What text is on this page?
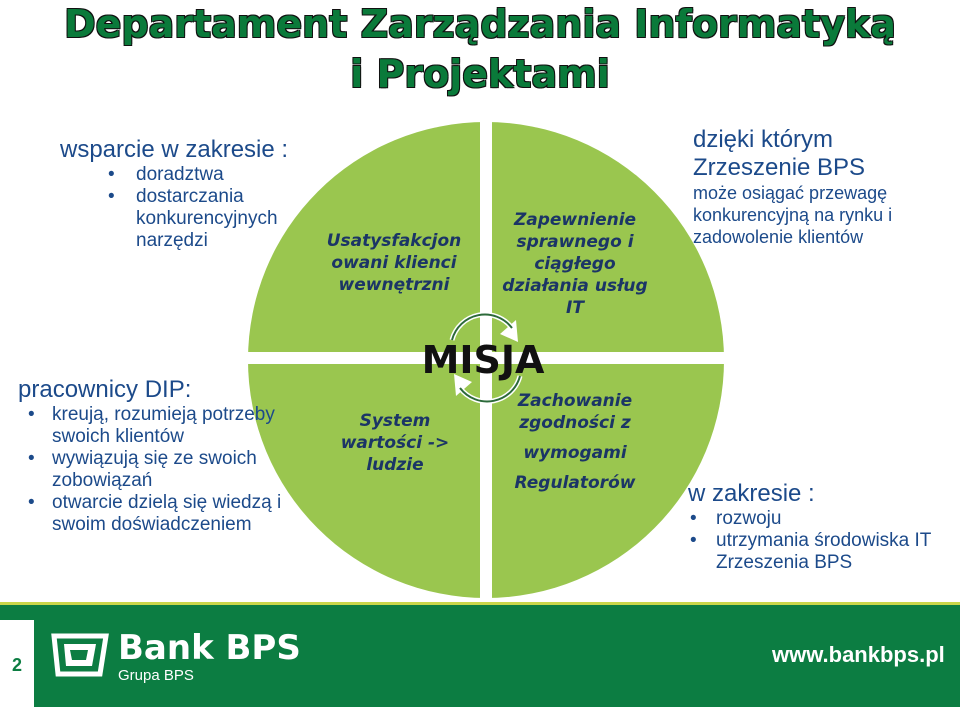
Departament Zarządzania Informatyką
i Projektami
wsparcie w zakresie :
• doradztwa
• dostarczania konkurencyjnych narzędzi
pracownicy DIP:
• kreują, rozumieją potrzeby swoich klientów
• wywiązują się ze swoich zobowiązań
• otwarcie dzielą się wiedzą i swoim doświadczeniem
dzięki którym Zrzeszenie BPS
• może osiągać przewagę konkurencyjną na rynku i zadowolenie klientów
w zakresie :
• rozwoju
• utrzymania środowiska IT Zrzeszenia BPS
Usatysfakcjon owani klienci wewnętrzni
Zapewnienie sprawnego i ciągłego działania usług IT
System wartości -> ludzie
Zachowanie zgodności z
wymogami
Regulatorów
MISJA
2	Bank BPS
Grupa BPS
www.bankbps.pl
